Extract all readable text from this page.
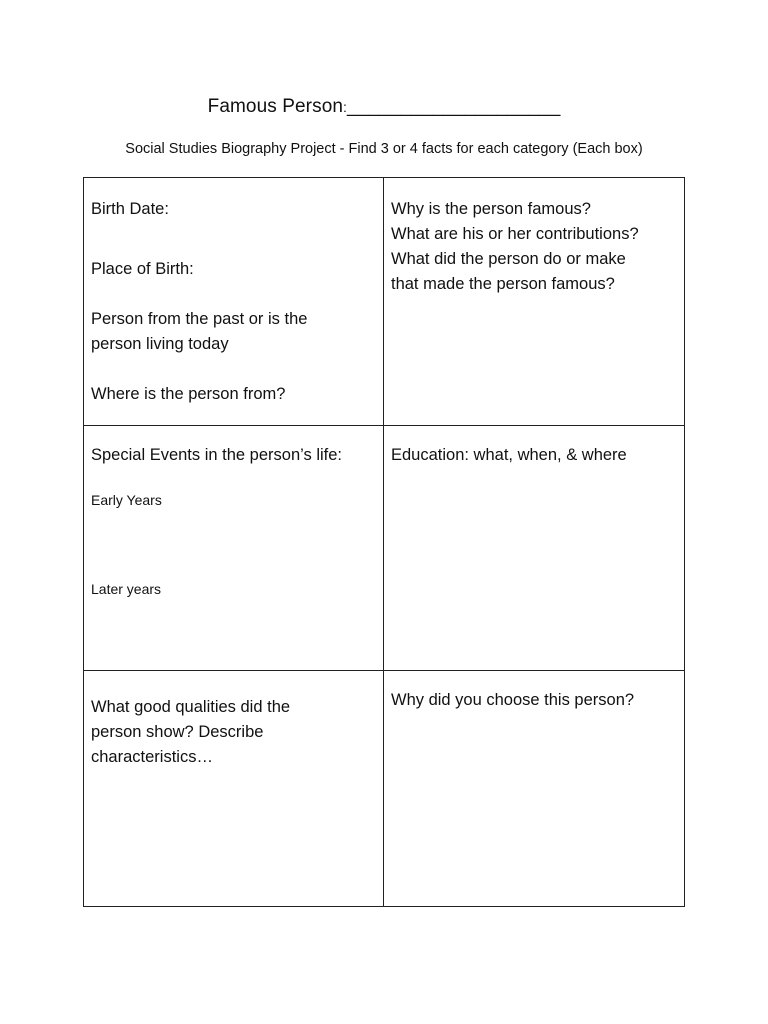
Famous Person:____________________
Social Studies Biography Project - Find 3 or 4 facts for each category (Each box)
Birth Date:
Place of Birth:
Person from the past or is the person living today
Where is the person from?

Why is the person famous?

What are his or her contributions?

What did the person do or make

that made the person famous?

Special Events in the person’s life:
Early Years
Later years
Education: what, when, & where
What good qualities did the person show? Describe characteristics…
Why did you choose this person?
